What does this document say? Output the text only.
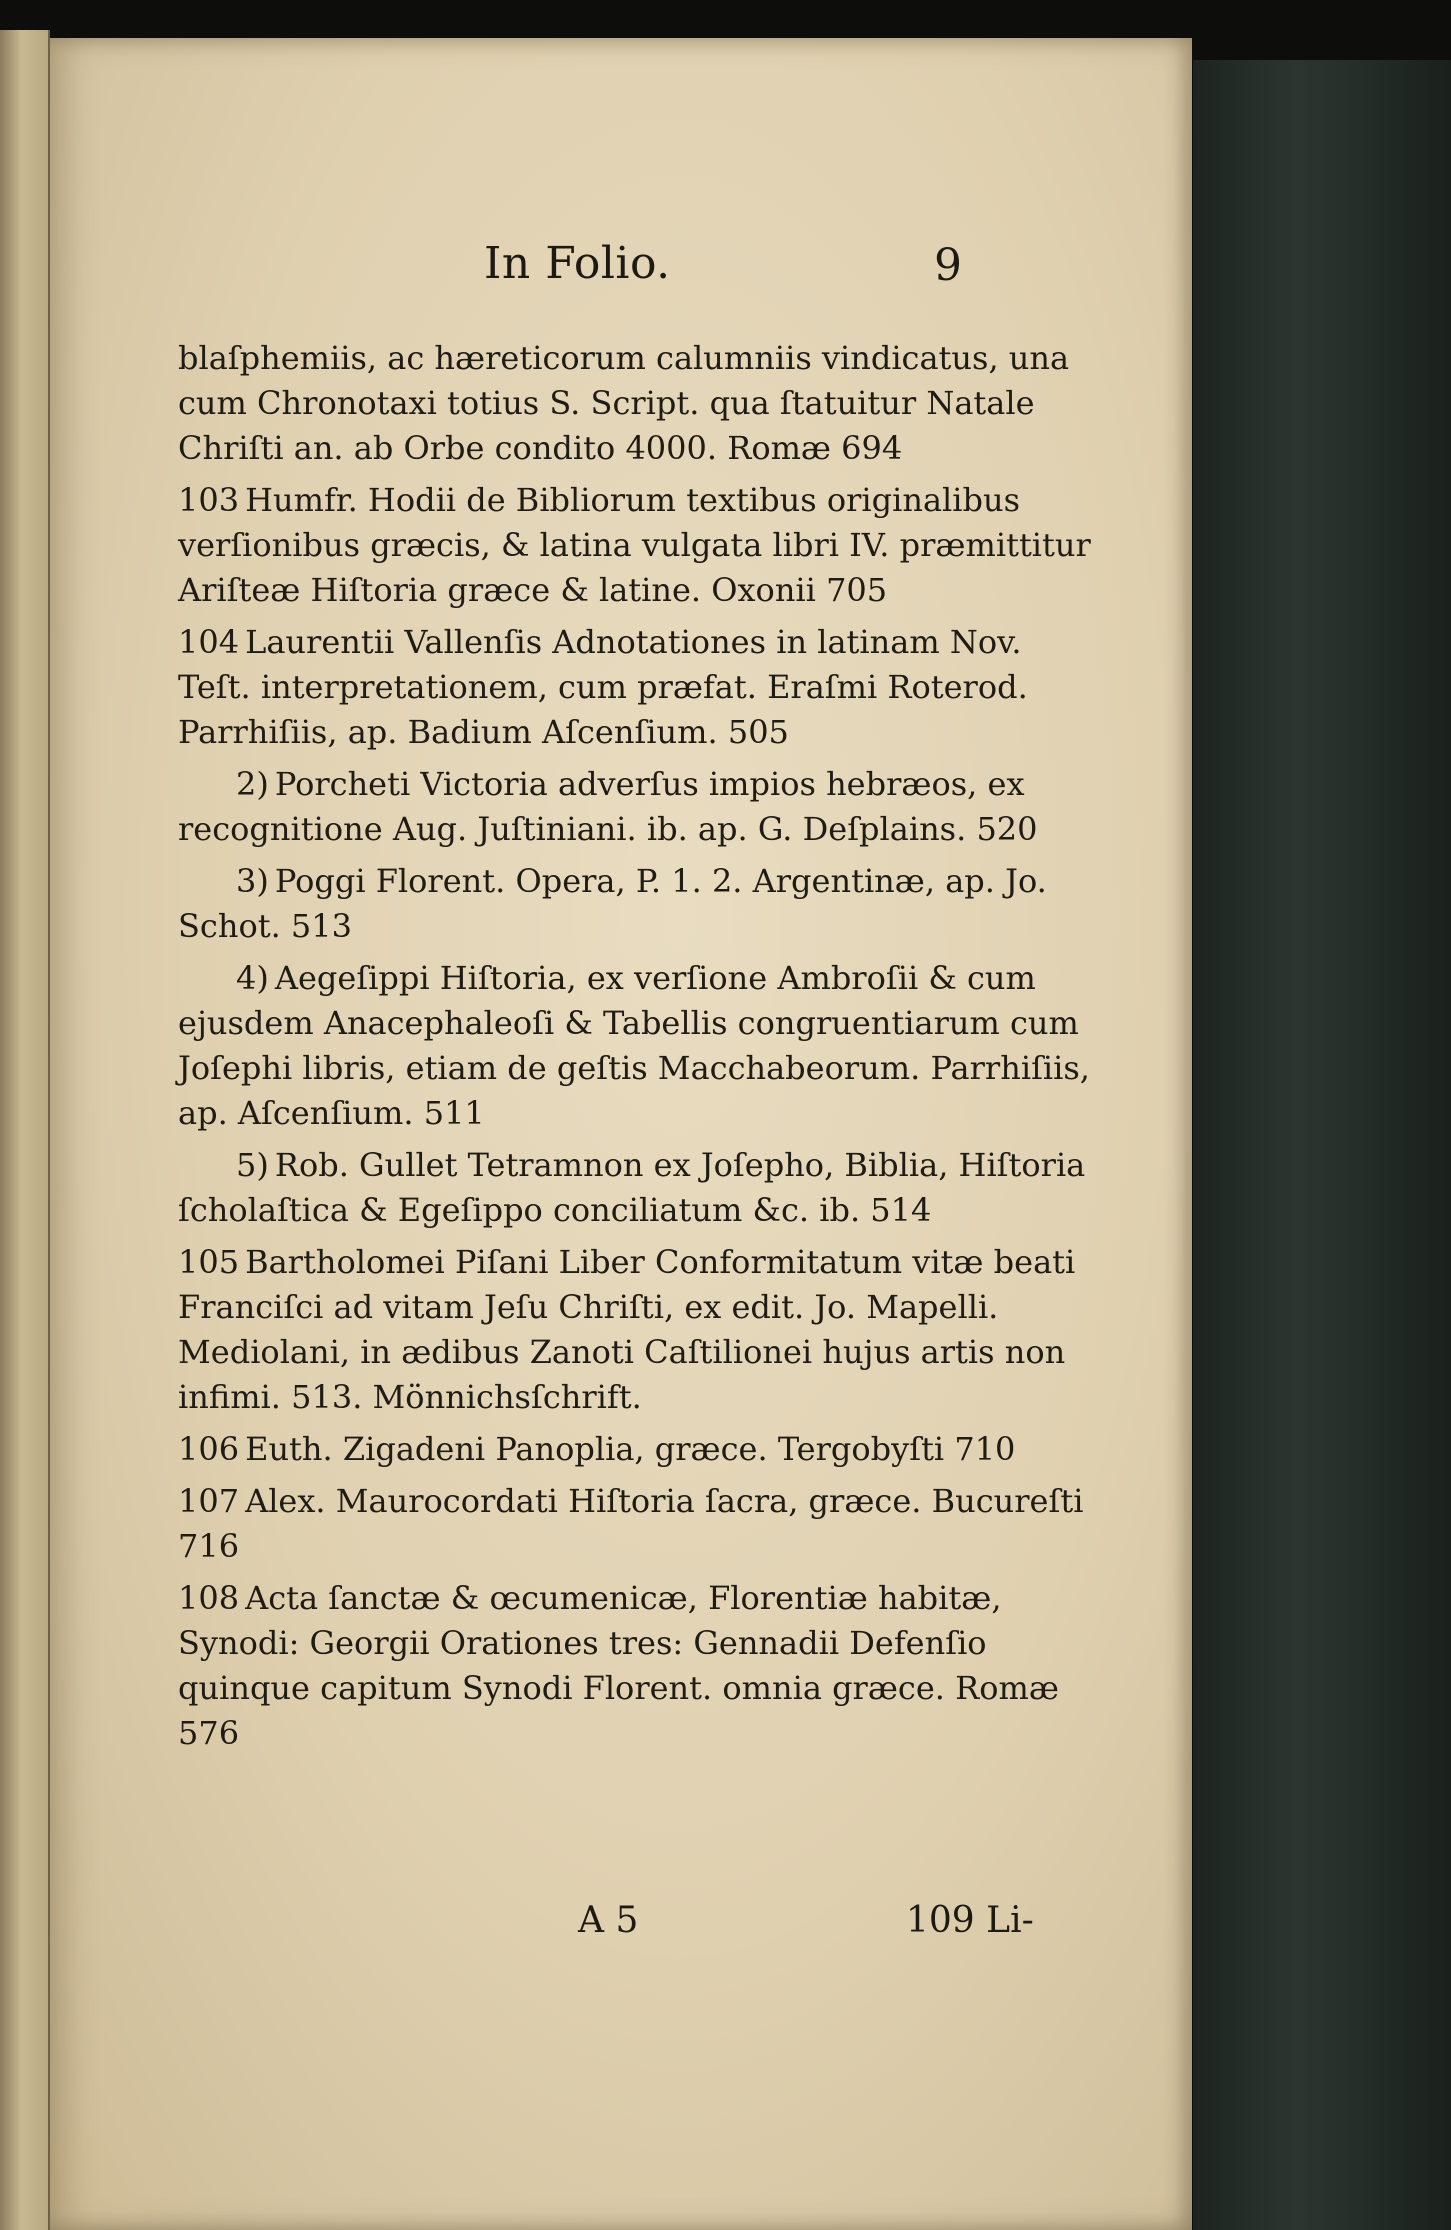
In Folio.	9

blaſphemiis, ac hæreticorum calumniis vindicatus, una cum Chronotaxi totius S. Script. qua ſtatuitur Natale Chriſti an. ab Orbe condito 4000. Romæ 694

103 Humfr. Hodii de Bibliorum textibus originalibus verſionibus græcis, & latina vulgata libri IV. præmittitur Ariſteæ Hiſtoria græce & latine. Oxonii 705

104 Laurentii Vallenſis Adnotationes in latinam Nov. Teſt. interpretationem, cum præfat. Eraſmi Roterod. Parrhiſiis, ap. Badium Aſcenſium. 505

2) Porcheti Victoria adverſus impios hebræos, ex recognitione Aug. Juſtiniani. ib. ap. G. Deſplains. 520

3) Poggi Florent. Opera, P. 1. 2. Argentinæ, ap. Jo. Schot. 513

4) Aegeſippi Hiſtoria, ex verſione Ambroſii & cum ejusdem Anacephaleoſi & Tabellis congruentiarum cum Joſephi libris, etiam de geſtis Macchabeorum. Parrhiſiis, ap. Aſcenſium. 511

5) Rob. Gullet Tetramnon ex Joſepho, Biblia, Hiſtoria ſcholaſtica & Egeſippo conciliatum &c. ib. 514

105 Bartholomei Piſani Liber Conformitatum vitæ beati Franciſci ad vitam Jeſu Chriſti, ex edit. Jo. Mapelli. Mediolani, in ædibus Zanoti Caſtilionei hujus artis non infimi. 513. Mönnichsſchrift.

106 Euth. Zigadeni Panoplia, græce. Tergobyſti 710

107 Alex. Maurocordati Hiſtoria ſacra, græce. Bucureſti 716

108 Acta ſanctæ & œcumenicæ, Florentiæ habitæ, Synodi: Georgii Orationes tres: Gennadii Defenſio quinque capitum Synodi Florent. omnia græce. Romæ 576

A 5	109 Li-
